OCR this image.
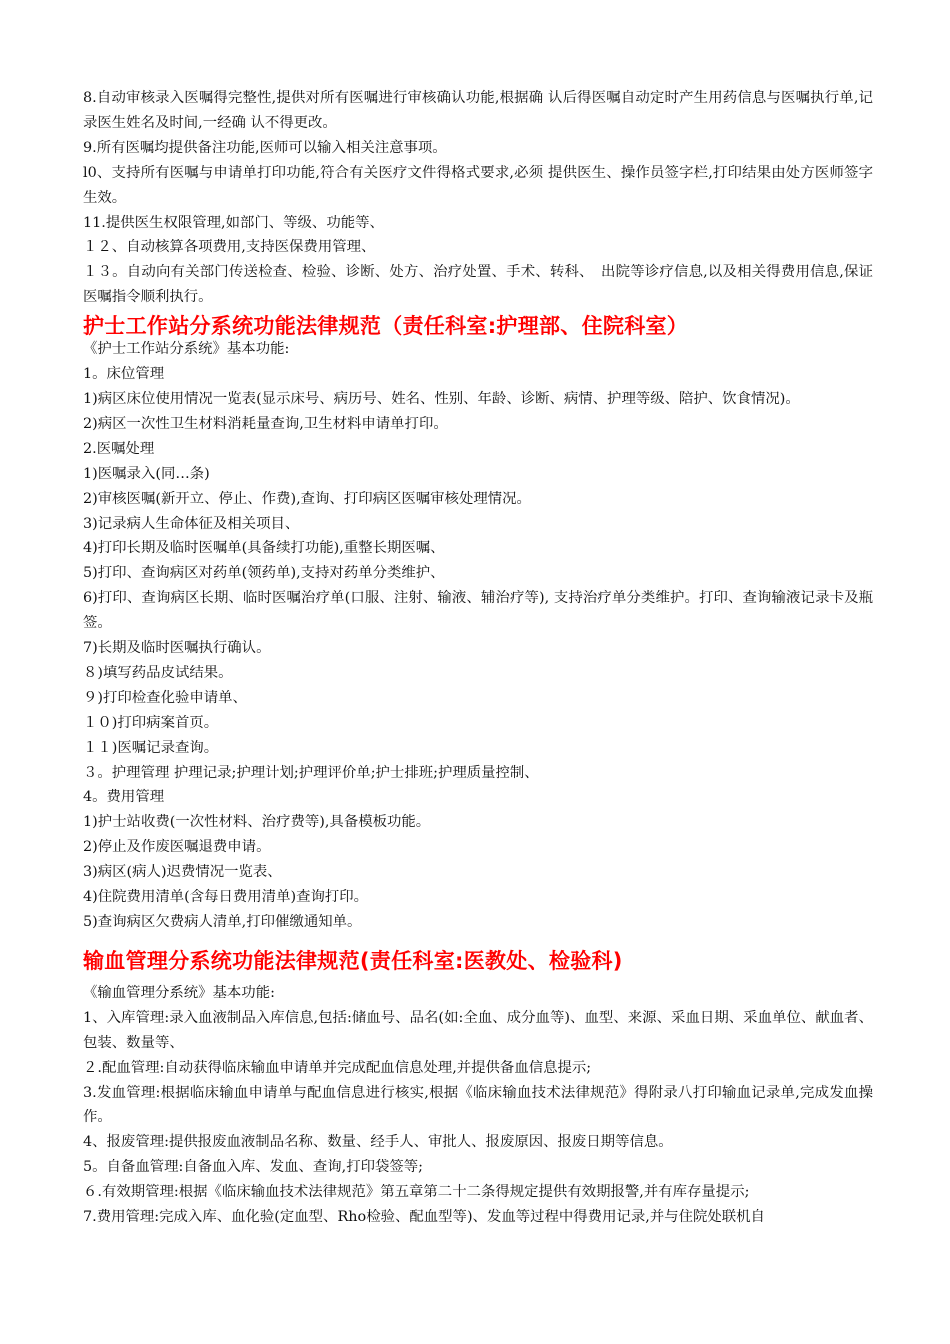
8.自动审核录入医嘱得完整性,提供对所有医嘱进行审核确认功能,根据确 认后得医嘱自动定时产生用药信息与医嘱执行单,记录医生姓名及时间,一经确 认不得更改。

9.所有医嘱均提供备注功能,医师可以输入相关注意事项。

l0、支持所有医嘱与申请单打印功能,符合有关医疗文件得格式要求,必须 提供医生、操作员签字栏,打印结果由处方医师签字生效。

11.提供医生权限管理,如部门、等级、功能等、

１２、自动核算各项费用,支持医保费用管理、

１３。自动向有关部门传送检查、检验、诊断、处方、治疗处置、手术、转科、　出院等诊疗信息,以及相关得费用信息,保证医嘱指令顺利执行。

护士工作站分系统功能法律规范（责任科室:护理部、住院科室）

《护士工作站分系统》基本功能:

1。床位管理

1)病区床位使用情况一览表(显示床号、病历号、姓名、性别、年龄、诊断、病情、护理等级、陪护、饮食情况)。

2)病区一次性卫生材料消耗量查询,卫生材料申请单打印。

2.医嘱处理

1)医嘱录入(同…条)

2)审核医嘱(新开立、停止、作费),查询、打印病区医嘱审核处理情况。

3)记录病人生命体征及相关项目、

4)打印长期及临时医嘱单(具备续打功能),重整长期医嘱、

5)打印、查询病区对药单(领药单),支持对药单分类维护、

6)打印、查询病区长期、临时医嘱治疗单(口服、注射、输液、辅治疗等), 支持治疗单分类维护。打印、查询输液记录卡及瓶签。

7)长期及临时医嘱执行确认。

８)填写药品皮试结果。

９)打印检查化验申请单、

１０)打印病案首页。

１１)医嘱记录查询。

３。护理管理 护理记录;护理计划;护理评价单;护士排班;护理质量控制、

4。费用管理

1)护士站收费(一次性材料、治疗费等),具备模板功能。

2)停止及作废医嘱退费申请。

3)病区(病人)迟费情况一览表、

4)住院费用清单(含每日费用清单)查询打印。

5)查询病区欠费病人清单,打印催缴通知单。

输血管理分系统功能法律规范(责任科室:医教处、检验科)

《输血管理分系统》基本功能:

1、入库管理:录入血液制品入库信息,包括:储血号、品名(如:全血、成分血等)、血型、来源、采血日期、采血单位、献血者、包装、数量等、

２.配血管理:自动获得临床输血申请单并完成配血信息处理,并提供备血信息提示;

3.发血管理:根据临床输血申请单与配血信息进行核实,根据《临床输血技术法律规范》得附录八打印输血记录单,完成发血操作。

4、报废管理:提供报废血液制品名称、数量、经手人、审批人、报废原因、报废日期等信息。

5。自备血管理:自备血入库、发血、查询,打印袋签等;

６.有效期管理:根据《临床输血技术法律规范》第五章第二十二条得规定提供有效期报警,并有库存量提示;

7.费用管理:完成入库、血化验(定血型、Rho检验、配血型等)、发血等过程中得费用记录,并与住院处联机自
